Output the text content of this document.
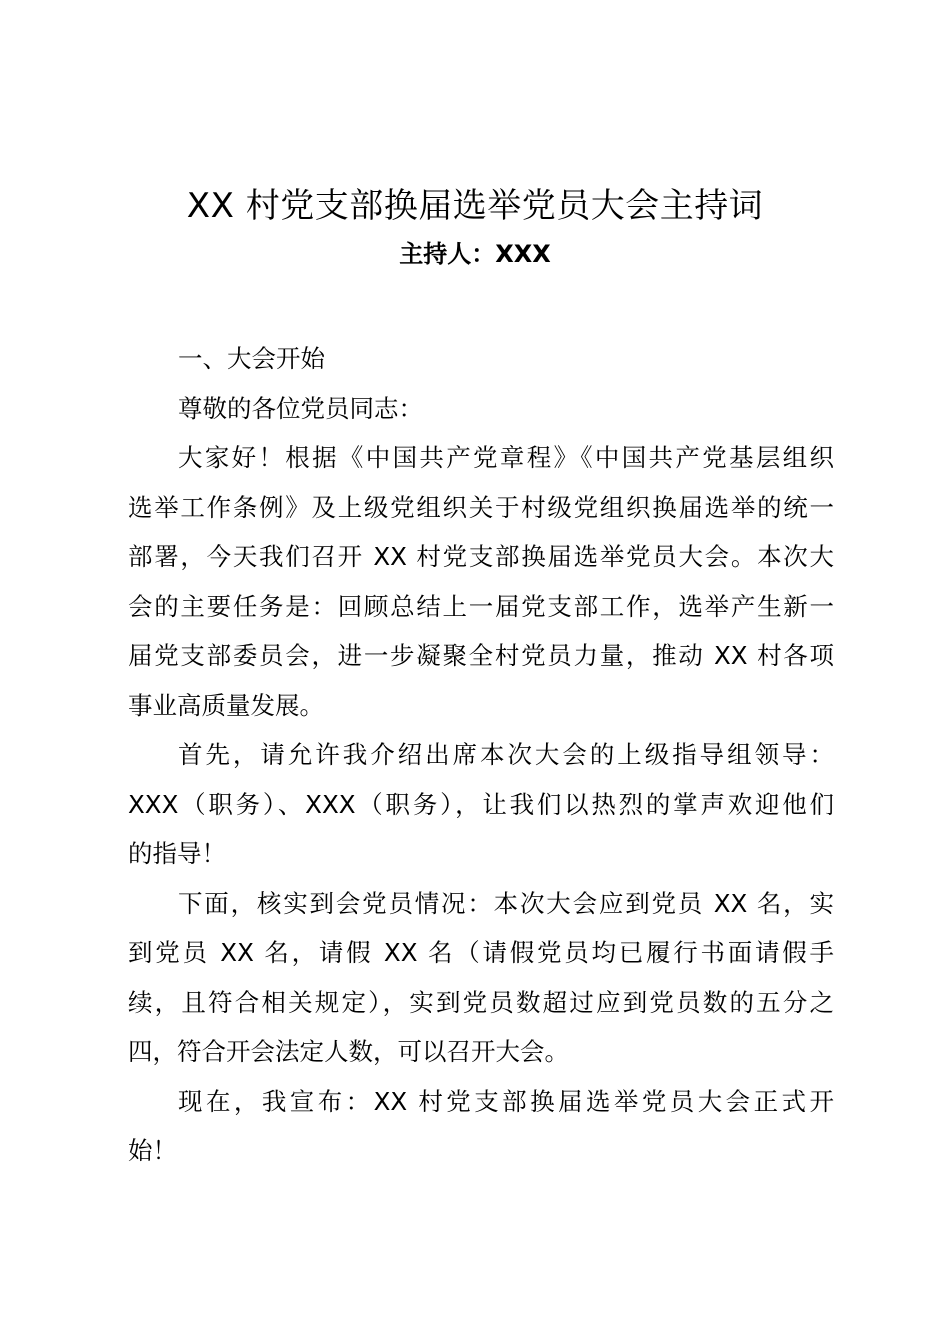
XX 村党支部换届选举党员大会主持词
主持人：XXX
一、大会开始
尊敬的各位党员同志：
大家好！根据《中国共产党章程》《中国共产党基层组织
选举工作条例》及上级党组织关于村级党组织换届选举的统一
部署，今天我们召开 XX 村党支部换届选举党员大会。本次大
会的主要任务是：回顾总结上一届党支部工作，选举产生新一
届党支部委员会，进一步凝聚全村党员力量，推动 XX 村各项
事业高质量发展。
首先，请允许我介绍出席本次大会的上级指导组领导：
XXX（职务）、XXX（职务），让我们以热烈的掌声欢迎他们
的指导！
下面，核实到会党员情况：本次大会应到党员 XX 名，实
到党员 XX 名，请假 XX 名（请假党员均已履行书面请假手
续，且符合相关规定），实到党员数超过应到党员数的五分之
四，符合开会法定人数，可以召开大会。
现在，我宣布：XX 村党支部换届选举党员大会正式开
始！
